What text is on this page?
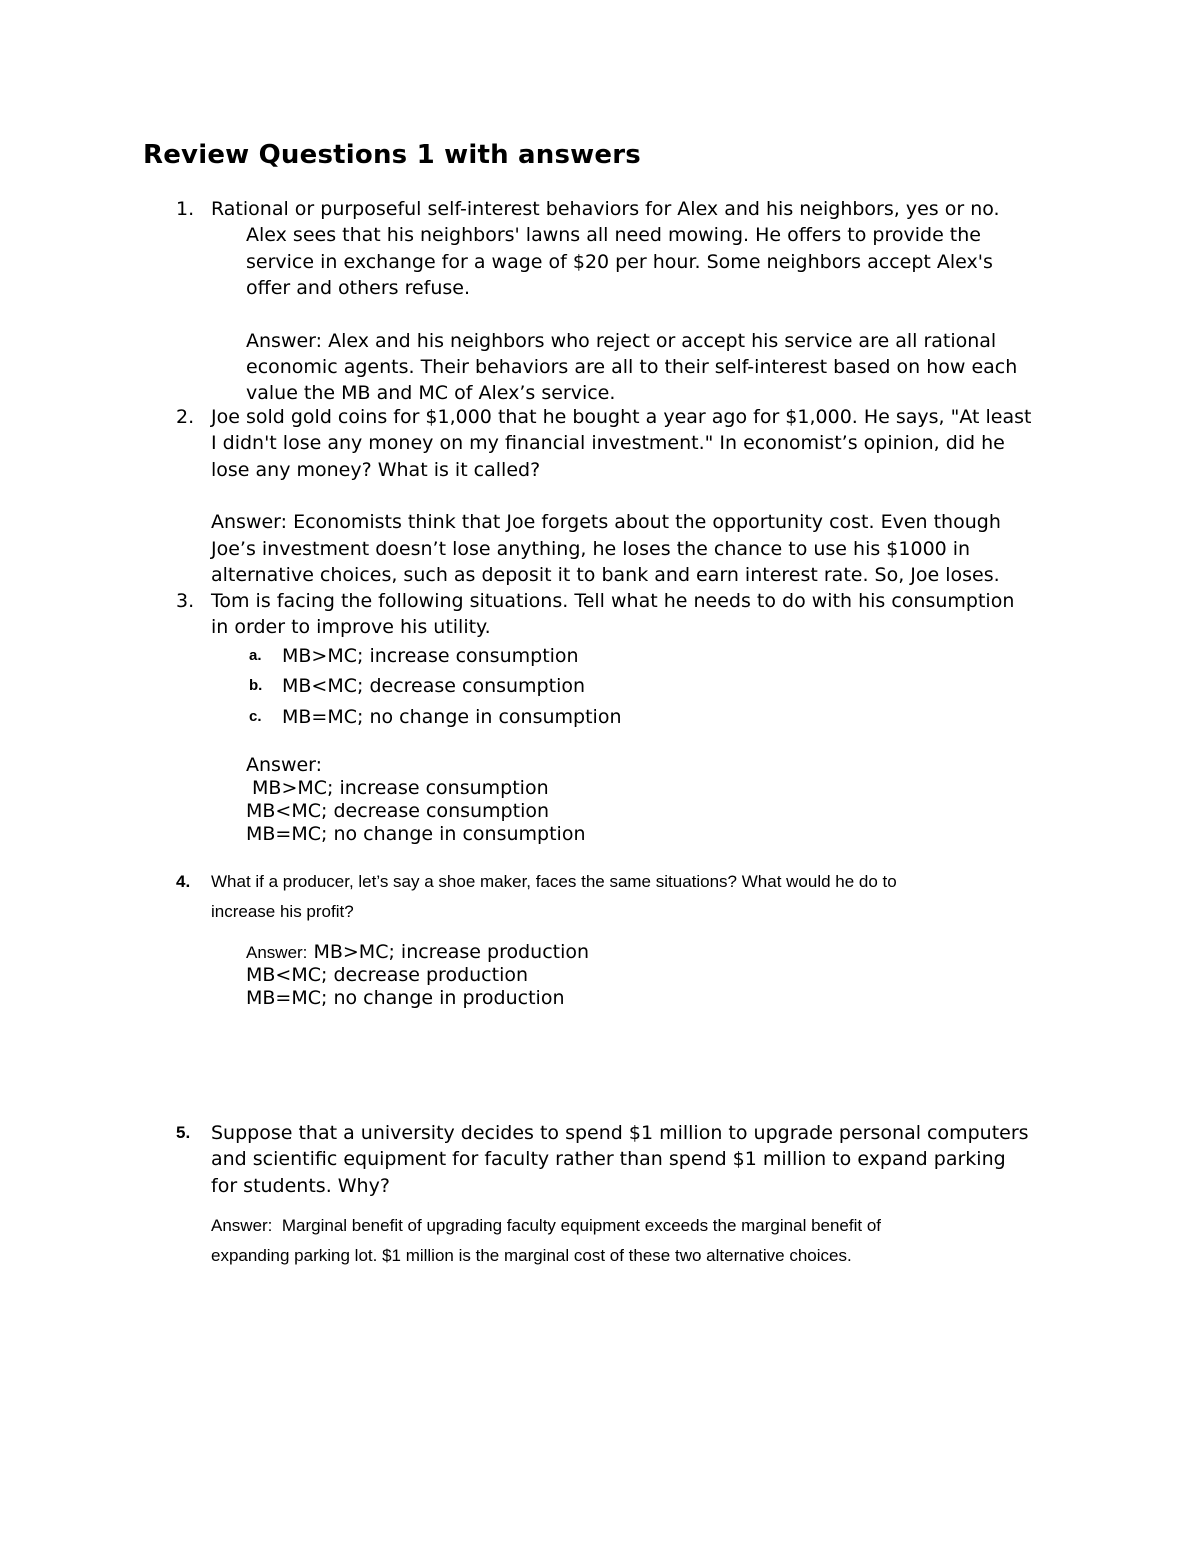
Review Questions 1 with answers
1. Rational or purposeful self-interest behaviors for Alex and his neighbors, yes or no.

Alex sees that his neighbors' lawns all need mowing. He offers to provide the

service in exchange for a wage of $20 per hour. Some neighbors accept Alex's

offer and others refuse.

Answer: Alex and his neighbors who reject or accept his service are all rational

economic agents. Their behaviors are all to their self-interest based on how each

value the MB and MC of Alex’s service.

2. Joe sold gold coins for $1,000 that he bought a year ago for $1,000. He says, "At least

I didn't lose any money on my financial investment." In economist’s opinion, did he

lose any money? What is it called?

Answer: Economists think that Joe forgets about the opportunity cost. Even though

Joe’s investment doesn’t lose anything, he loses the chance to use his $1000 in

alternative choices, such as deposit it to bank and earn interest rate. So, Joe loses.

3. Tom is facing the following situations. Tell what he needs to do with his consumption

in order to improve his utility.

a. MB>MC; increase consumption
b. MB<MC; decrease consumption
c. MB=MC; no change in consumption

Answer:

MB>MC; increase consumption

MB<MC; decrease consumption

MB=MC; no change in consumption

4. What if a producer, let’s say a shoe maker, faces the same situations? What would he do to

increase his profit?

Answer: MB>MC; increase production

MB<MC; decrease production

MB=MC; no change in production

5. Suppose that a university decides to spend $1 million to upgrade personal computers

and scientific equipment for faculty rather than spend $1 million to expand parking

for students. Why?

Answer:  Marginal benefit of upgrading faculty equipment exceeds the marginal benefit of

expanding parking lot. $1 million is the marginal cost of these two alternative choices.
